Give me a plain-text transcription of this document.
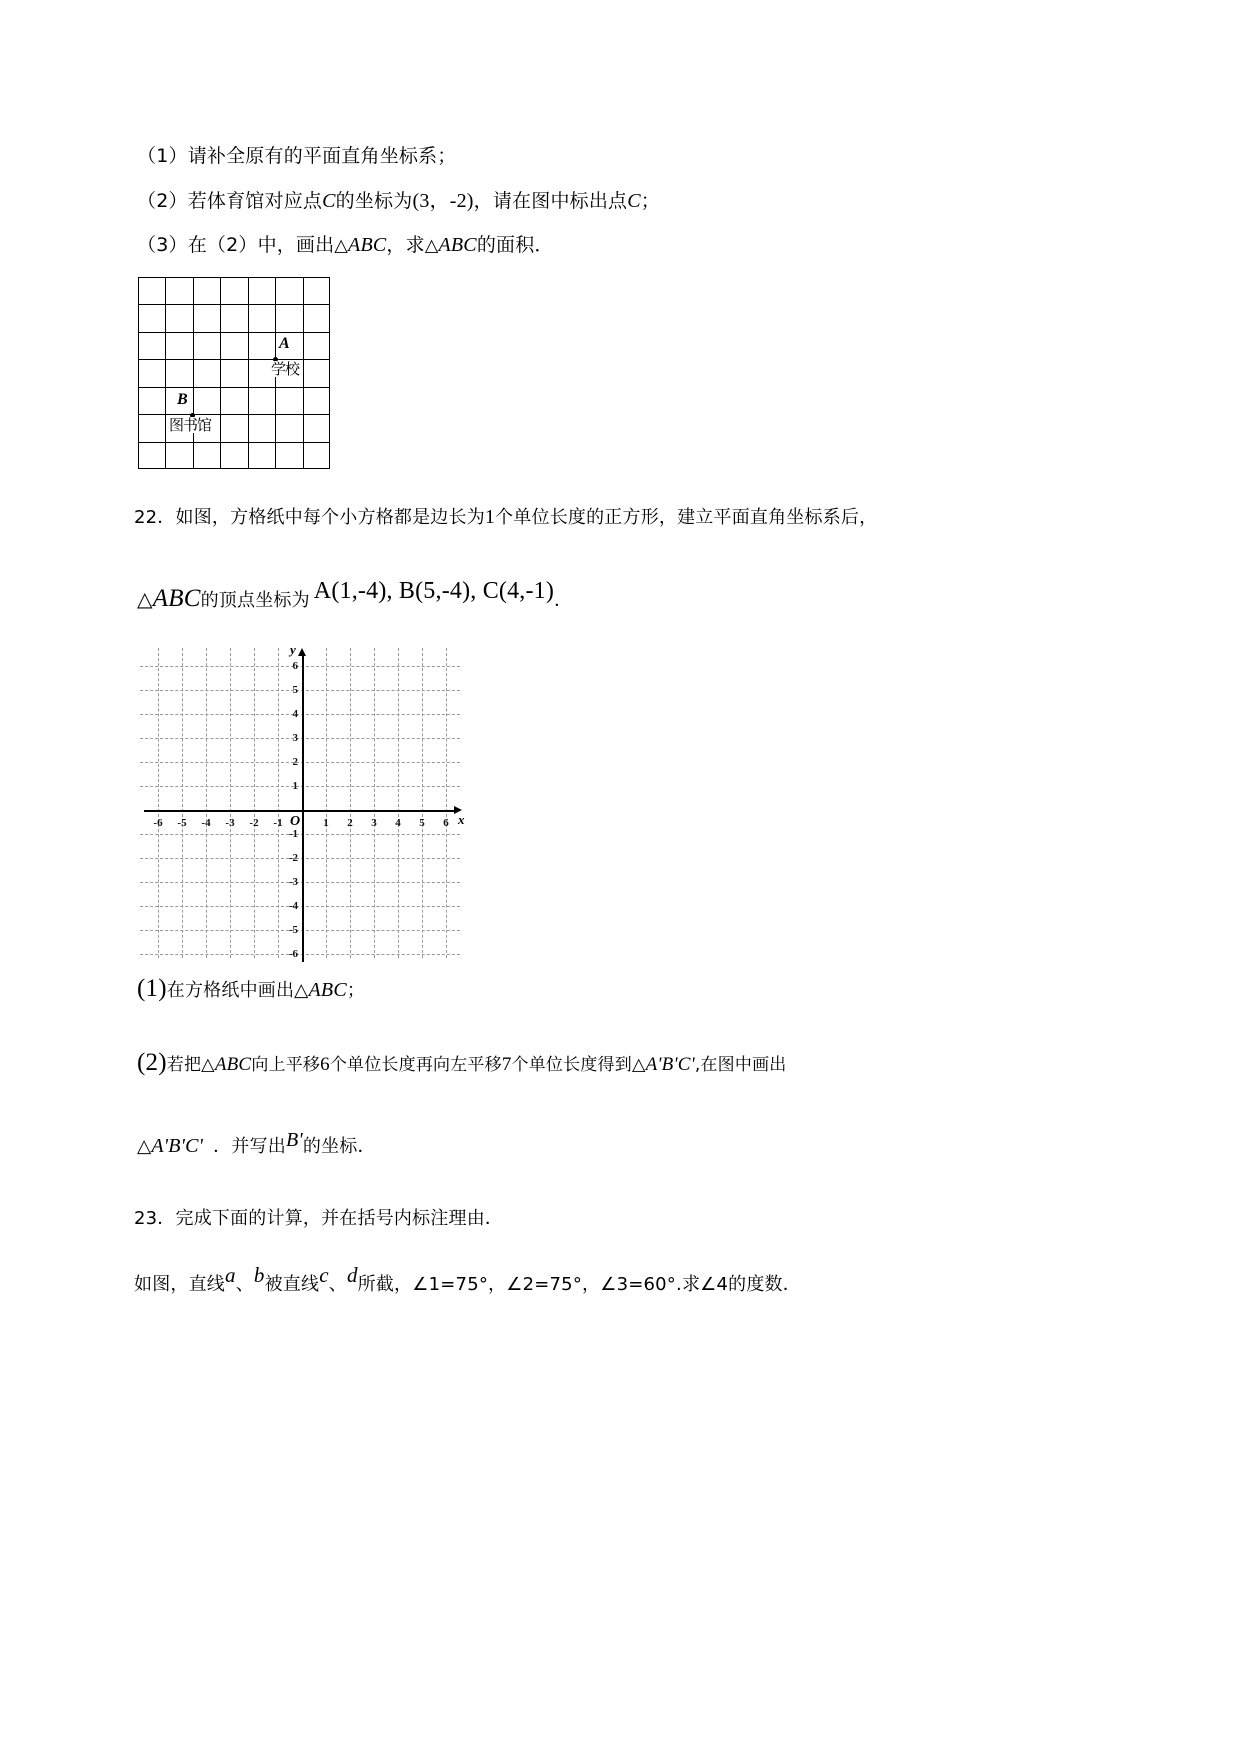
（1）请补全原有的平面直角坐标系；
（2）若体育馆对应点C的坐标为(3，-2)，请在图中标出点C；
（3）在（2）中，画出 △ ABC，求 △ ABC的面积．
A
学校
B
图书馆
22．如图，方格纸中每个小方格都是边长为1个单位长度的正方形，建立平面直角坐标系后，
△ ABC的顶点坐标为 A(1,-4), B(5,-4), C(4,-1)．
y
x
O
-6	-5	-4	-3	-2	-1	1	2	3	4	5	6
6
5
4
3
2
1
-1
-2
-3
-4
-5
-6
(1)在方格纸中画出 △ ABC；
(2)若把 △ ABC向上平移6个单位长度再向左平移7个单位长度得到 △ A'B'C',在图中画出
△ A'B'C' ．并写出B'的坐标．
23．完成下面的计算，并在括号内标注理由．
如图，直线a、b被直线c、d所截，∠1=75°，∠2=75°，∠3=60°.求∠4的度数．
